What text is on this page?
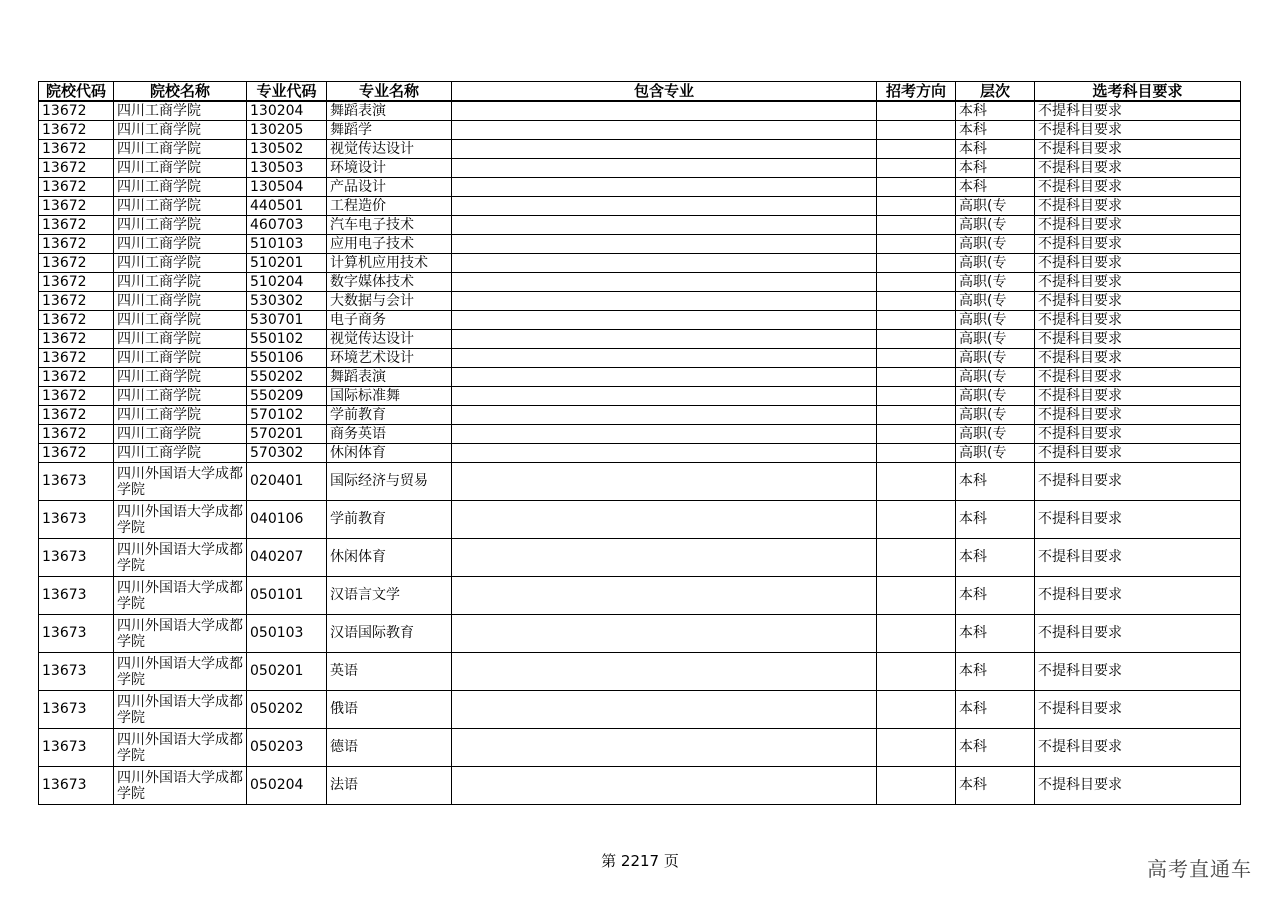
院校代码	院校名称	专业代码	专业名称	包含专业	招考方向	层次	选考科目要求
13672	四川工商学院	130204	舞蹈表演			本科	不提科目要求
13672	四川工商学院	130205	舞蹈学			本科	不提科目要求
13672	四川工商学院	130502	视觉传达设计			本科	不提科目要求
13672	四川工商学院	130503	环境设计			本科	不提科目要求
13672	四川工商学院	130504	产品设计			本科	不提科目要求
13672	四川工商学院	440501	工程造价			高职(专	不提科目要求
13672	四川工商学院	460703	汽车电子技术			高职(专	不提科目要求
13672	四川工商学院	510103	应用电子技术			高职(专	不提科目要求
13672	四川工商学院	510201	计算机应用技术			高职(专	不提科目要求
13672	四川工商学院	510204	数字媒体技术			高职(专	不提科目要求
13672	四川工商学院	530302	大数据与会计			高职(专	不提科目要求
13672	四川工商学院	530701	电子商务			高职(专	不提科目要求
13672	四川工商学院	550102	视觉传达设计			高职(专	不提科目要求
13672	四川工商学院	550106	环境艺术设计			高职(专	不提科目要求
13672	四川工商学院	550202	舞蹈表演			高职(专	不提科目要求
13672	四川工商学院	550209	国际标准舞			高职(专	不提科目要求
13672	四川工商学院	570102	学前教育			高职(专	不提科目要求
13672	四川工商学院	570201	商务英语			高职(专	不提科目要求
13672	四川工商学院	570302	休闲体育			高职(专	不提科目要求
13673	四川外国语大学成都学院	020401	国际经济与贸易			本科	不提科目要求
13673	四川外国语大学成都学院	040106	学前教育			本科	不提科目要求
13673	四川外国语大学成都学院	040207	休闲体育			本科	不提科目要求
13673	四川外国语大学成都学院	050101	汉语言文学			本科	不提科目要求
13673	四川外国语大学成都学院	050103	汉语国际教育			本科	不提科目要求
13673	四川外国语大学成都学院	050201	英语			本科	不提科目要求
13673	四川外国语大学成都学院	050202	俄语			本科	不提科目要求
13673	四川外国语大学成都学院	050203	德语			本科	不提科目要求
13673	四川外国语大学成都学院	050204	法语			本科	不提科目要求
第 2217 页	高考直通车
